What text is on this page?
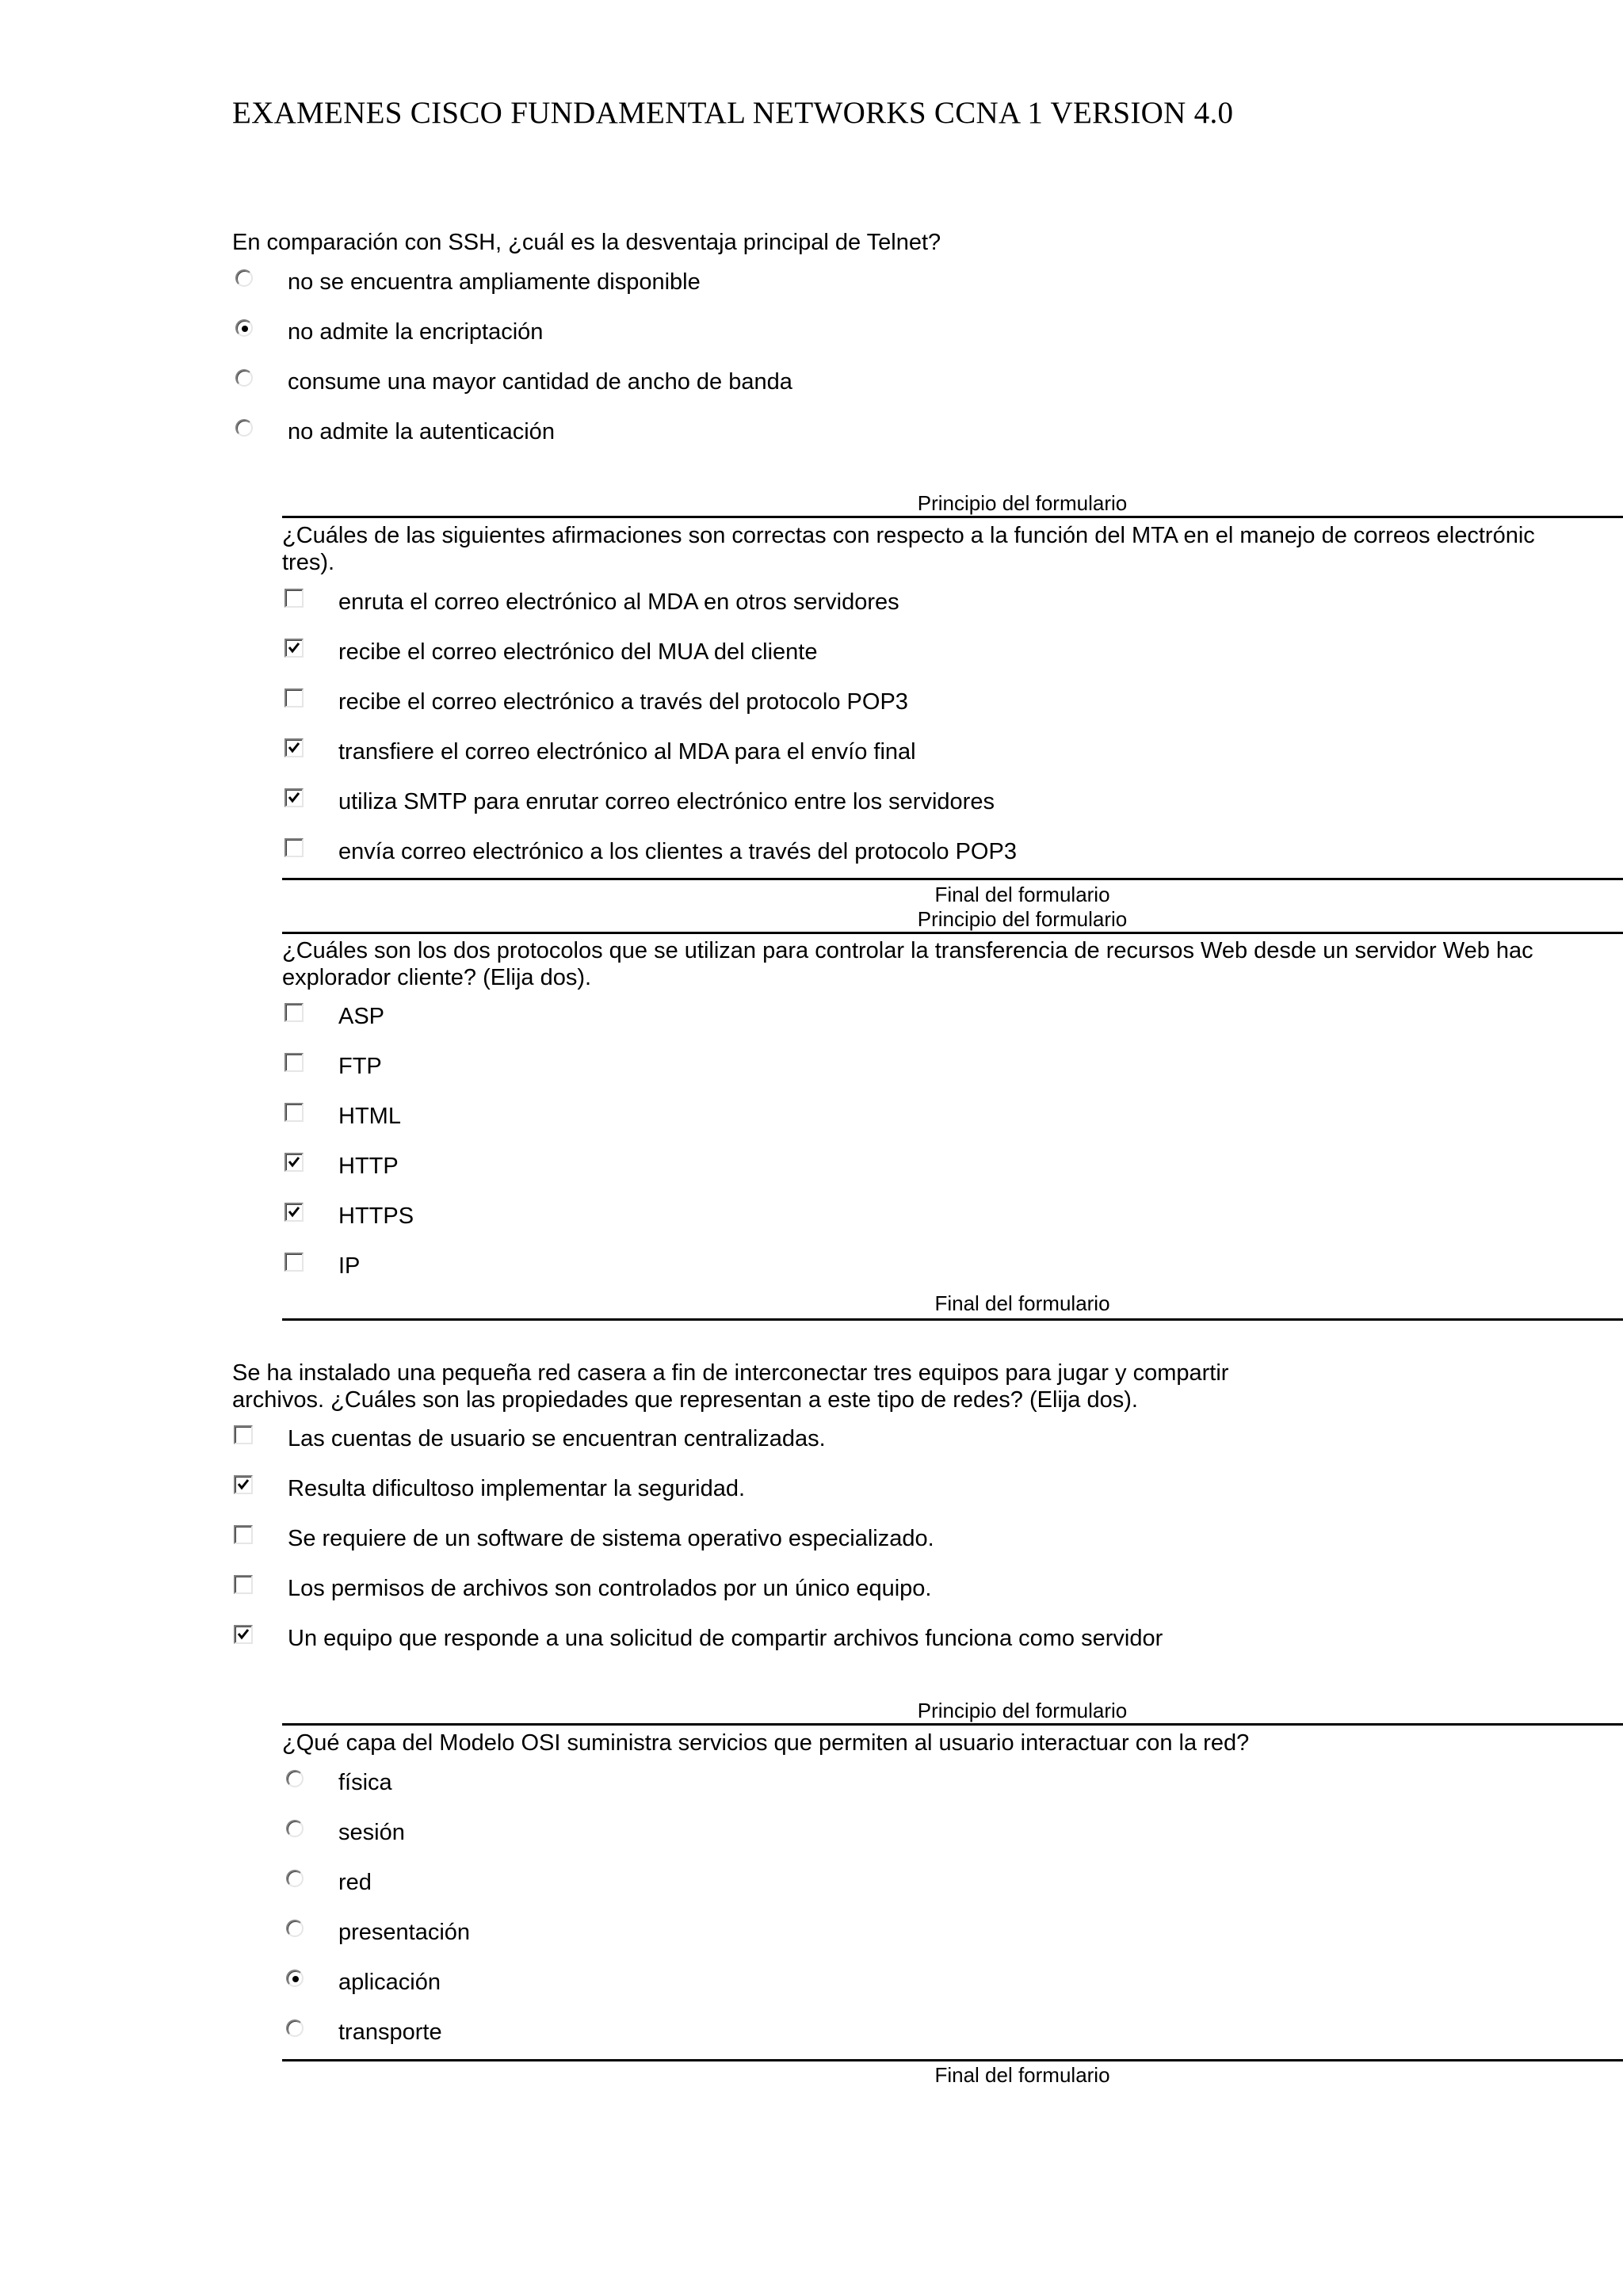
EXAMENES CISCO FUNDAMENTAL NETWORKS CCNA 1 VERSION 4.0

En comparación con SSH, ¿cuál es la desventaja principal de Telnet?

no se encuentra ampliamente disponible
no admite la encriptación
consume una mayor cantidad de ancho de banda
no admite la autenticación
Principio del formulario

¿Cuáles de las siguientes afirmaciones son correctas con respecto a la función del MTA en el manejo de correos electrónic

tres).

enruta el correo electrónico al MDA en otros servidores
recibe el correo electrónico del MUA del cliente
recibe el correo electrónico a través del protocolo POP3
transfiere el correo electrónico al MDA para el envío final
utiliza SMTP para enrutar correo electrónico entre los servidores
envía correo electrónico a los clientes a través del protocolo POP3
Final del formulario
Principio del formulario

¿Cuáles son los dos protocolos que se utilizan para controlar la transferencia de recursos Web desde un servidor Web hac

explorador cliente? (Elija dos).

ASP
FTP
HTML
HTTP
HTTPS
IP
Final del formulario

Se ha instalado una pequeña red casera a fin de interconectar tres equipos para jugar y compartir

archivos. ¿Cuáles son las propiedades que representan a este tipo de redes? (Elija dos).

Las cuentas de usuario se encuentran centralizadas.
Resulta dificultoso implementar la seguridad.
Se requiere de un software de sistema operativo especializado.
Los permisos de archivos son controlados por un único equipo.
Un equipo que responde a una solicitud de compartir archivos funciona como servidor
Principio del formulario

¿Qué capa del Modelo OSI suministra servicios que permiten al usuario interactuar con la red?

física
sesión
red
presentación
aplicación
transporte
Final del formulario
